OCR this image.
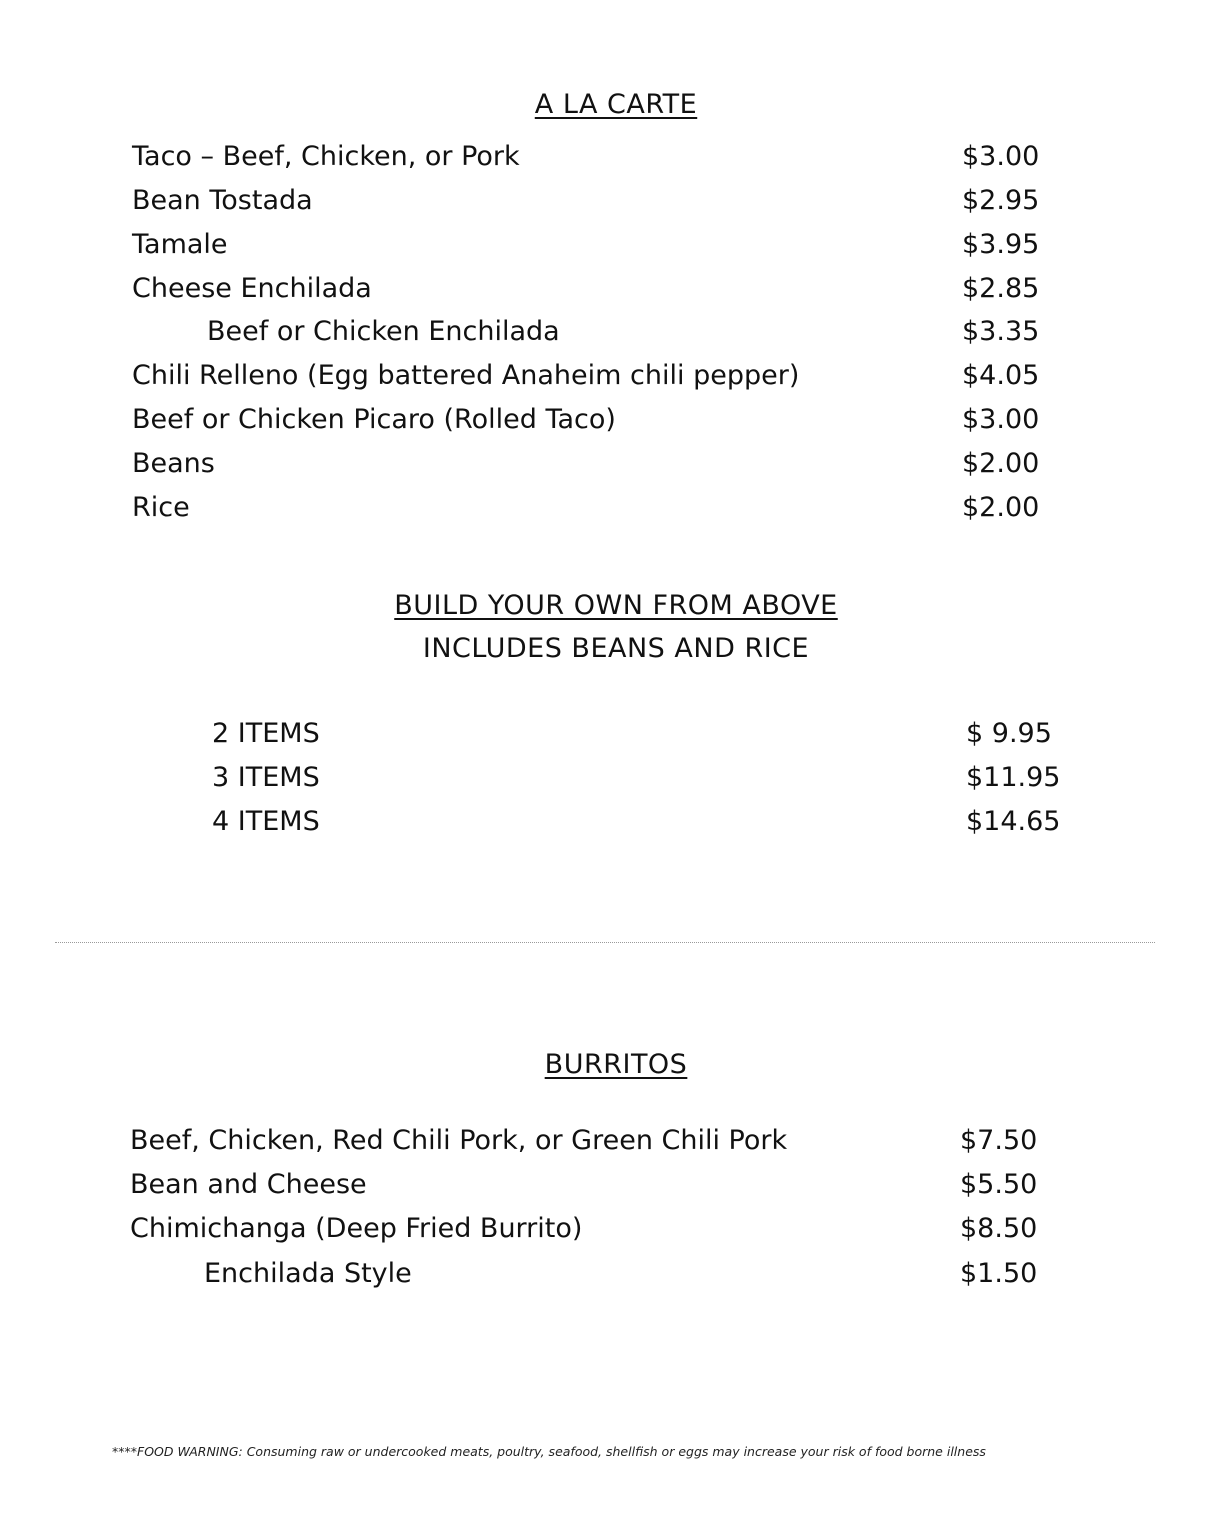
A LA CARTE
Taco – Beef, Chicken, or Pork	$3.00
Bean Tostada	$2.95
Tamale	$3.95
Cheese Enchilada	$2.85
Beef or Chicken Enchilada	$3.35
Chili Relleno (Egg battered Anaheim chili pepper)	$4.05
Beef or Chicken Picaro (Rolled Taco)	$3.00
Beans	$2.00
Rice	$2.00
BUILD YOUR OWN FROM ABOVE
INCLUDES BEANS AND RICE
2 ITEMS	$ 9.95
3 ITEMS	$11.95
4 ITEMS	$14.65
BURRITOS
Beef, Chicken, Red Chili Pork, or Green Chili Pork	$7.50
Bean and Cheese	$5.50
Chimichanga (Deep Fried Burrito)	$8.50
Enchilada Style	$1.50
****FOOD WARNING: Consuming raw or undercooked meats, poultry, seafood, shellfish or eggs may increase your risk of food borne illness
